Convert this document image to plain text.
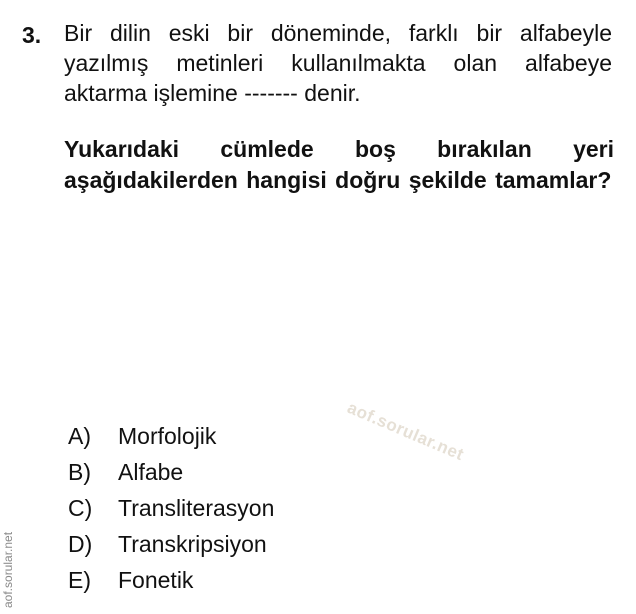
3. Bir dilin eski bir döneminde, farklı bir alfabeyle yazılmış metinleri kullanılmakta olan alfabeye aktarma işlemine ------- denir.
Yukarıdaki cümlede boş bırakılan yeri aşağıdakilerden hangisi doğru şekilde tamamlar?
aof.sorular.net
A)	Morfolojik
B)	Alfabe
C)	Transliterasyon
D)	Transkripsiyon
E)	Fonetik
aof.sorular.net
